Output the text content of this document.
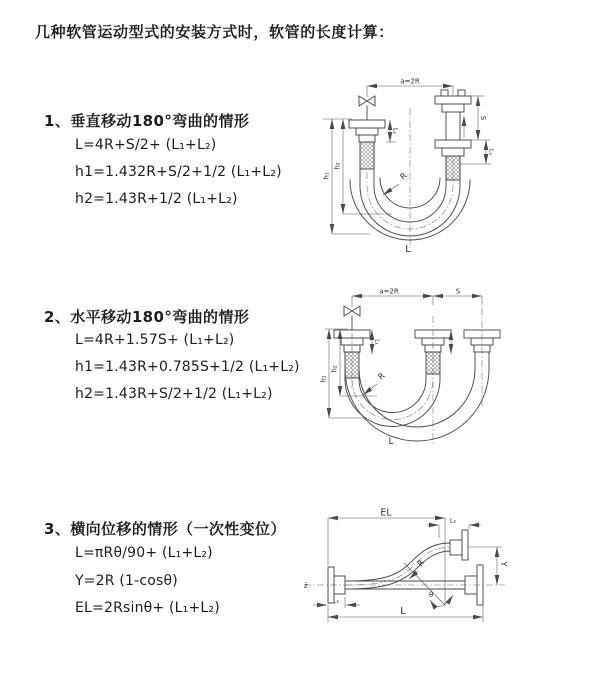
几种软管运动型式的安装方式时，软管的长度计算：
1、垂直移动180°弯曲的情形
L=4R+S/2+ (L₁+L₂)
h1=1.432R+S/2+1/2 (L₁+L₂)
h2=1.43R+1/2 (L₁+L₂)
2、水平移动180°弯曲的情形
L=4R+1.57S+ (L₁+L₂)
h1=1.43R+0.785S+1/2 (L₁+L₂)
h2=1.43R+S/2+1/2 (L₁+L₂)
3、横向位移的情形（一次性变位）
L=πRθ/90+ (L₁+L₂)
Y=2R (1-cosθ)
EL=2Rsinθ+ (L₁+L₂)
a=2R
S
L₂
h₁
h₂
L₁
R
L
a=2R	S
h₁
h₂
L₁
R
L
z̄
θ
EL
L₂
Y
L
L₁
R
